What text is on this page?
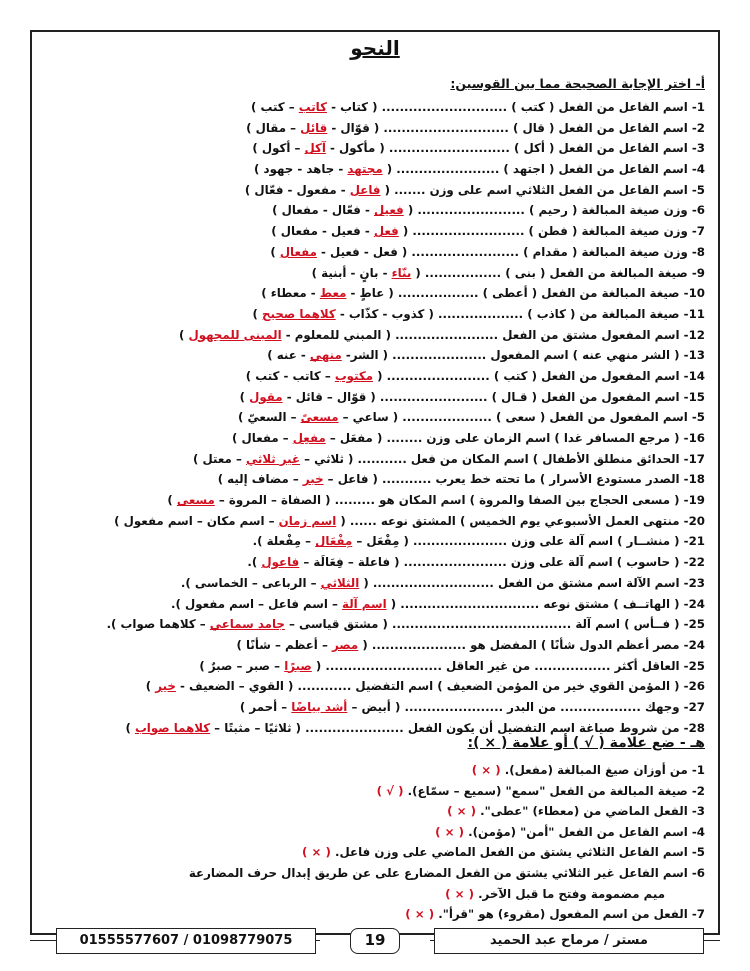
النحو
أ- اختر الإجابة الصحيحة مما بين القوسين:
1- اسم الفاعل من الفعل ( كتب ) ............................ ( كتاب - كاتب – كتب )
2- اسم الفاعل من الفعل ( قال ) ............................ ( قوّال - قائل – مقال )
3- اسم الفاعل من الفعل ( أكل ) ........................... ( مأكول - آكل – أكول )
4- اسم الفاعل من الفعل ( اجتهد ) ....................... ( مجتهد - جاهد - جهود )
5- اسم الفاعل من الفعل الثلاثي اسم على وزن ....... ( فاعل - مفعول - فعّال )
6- وزن صيغة المبالغة ( رحيم ) ........................ ( فعيل - فعّال - مفعال )
7- وزن صيغة المبالغة ( فطن ) ......................... ( فعل - فعيل - مفعال )
8- وزن صيغة المبالغة ( مقدام ) ........................ ( فعل - فعيل - مفعال )
9- صيغة المبالغة من الفعل ( بنى ) ................. ( بنّاء - بانٍ - أبنية )
10- صيغة المبالغة من الفعل ( أعطى ) .................. ( عاطٍ - معط - معطاء )
11- صيغة المبالغة من ( كاذب ) ................... ( كذوب - كذّاب - كلاهما صحيح )
12- اسم المفعول مشتق من الفعل ....................... ( المبني للمعلوم - المبنى للمجهول )
13- ( الشر منهي عنه ) اسم المفعول ..................... ( الشر- منهي - عنه )
14- اسم المفعول من الفعل ( كتب ) ....................... ( مكتوب – كاتب - كتب )
15- اسم المفعول من الفعل ( قـال ) ........................ ( قوّال – قائل - مقول )
5- اسم المفعول من الفعل ( سعى ) .................... ( ساعي – مسعىً – السعيّ )
16- ( مرجع المسافر غدا ) اسم الزمان على وزن ........ ( مفعَل – مفعِل – مفعال )
17- الحدائق منطلق الأطفال ) اسم المكان من فعل ........... ( ثلاثي – غير ثلاثي – معتل )
18- الصدر مستودع الأسرار ) ما تحته خط يعرب ........... ( فاعل – خبر – مضاف إليه )
19- ( مسعى الحجاج بين الصفا والمروة ) اسم المكان هو ......... ( الصفاة – المروة – مسعى )
20- منتهى العمل الأسبوعي يوم الخميس ) المشتق نوعه ...... ( اسم زمان – اسم مكان – اسم مفعول )
21- ( منشــار ) اسم آلة على وزن ..................... ( مِفْعَل – مِفْعَال – مِفْعلة ).
22- ( حاسوب ) اسم آلة على وزن ....................... ( فاعلة – فِعَالَة – فاعول ).
23- اسم الآلة اسم مشتق من الفعل ........................... ( الثلاثي – الرباعى – الخماسى ).
24- ( الهاتــف ) مشتق نوعه ............................... ( اسم آلة – اسم فاعل – اسم مفعول ).
25- ( فــأس ) اسم آلة ........................................ ( مشتق قياسى – جامد سماعي – كلاهما صواب ).
24- مصر أعظم الدول شأنًا ) المفضل هو ..................... ( مصر – أعظم – شأنًا )
25- العاقل أكثر ................. من غير العاقل .......................... ( صبرًا – صبر – صبرٌ )
26- ( المؤمن القوي خير من المؤمن الضعيف ) اسم التفضيل ............ ( القوي – الضعيف - خير )
27- وجهك .................. من البدر ...................... ( أبيض – أشد بياضًا – أحمر )
28- من شروط صياغة اسم التفضيل أن يكون الفعل ...................... ( ثلاثيًا – مثبتًا – كلاهما صواب )
هـ - ضع علامة ( √ ) أو علامة ( × ):
1- من أوزان صيغ المبالغة (مفعل). ( × )
2- صيغة المبالغة من الفعل "سمع" (سميع – سمّاع). ( √ )
3- الفعل الماضي من (معطاء) "عطى". ( × )
4- اسم الفاعل من الفعل "أمن" (مؤمن). ( × )
5- اسم الفاعل الثلاثي يشتق من الفعل الماضي على وزن فاعل. ( × )
6- اسم الفاعل غير الثلاثي يشتق من الفعل المضارع على عن طريق إبدال حرف المضارعة
ميم مضمومة وفتح ما قبل الآخر. ( × )
7- الفعل من اسم المفعول (مقروء) هو "قرأ". ( × )
01555577607 / 01098779075	19	مستر / مرماح عبد الحميد
